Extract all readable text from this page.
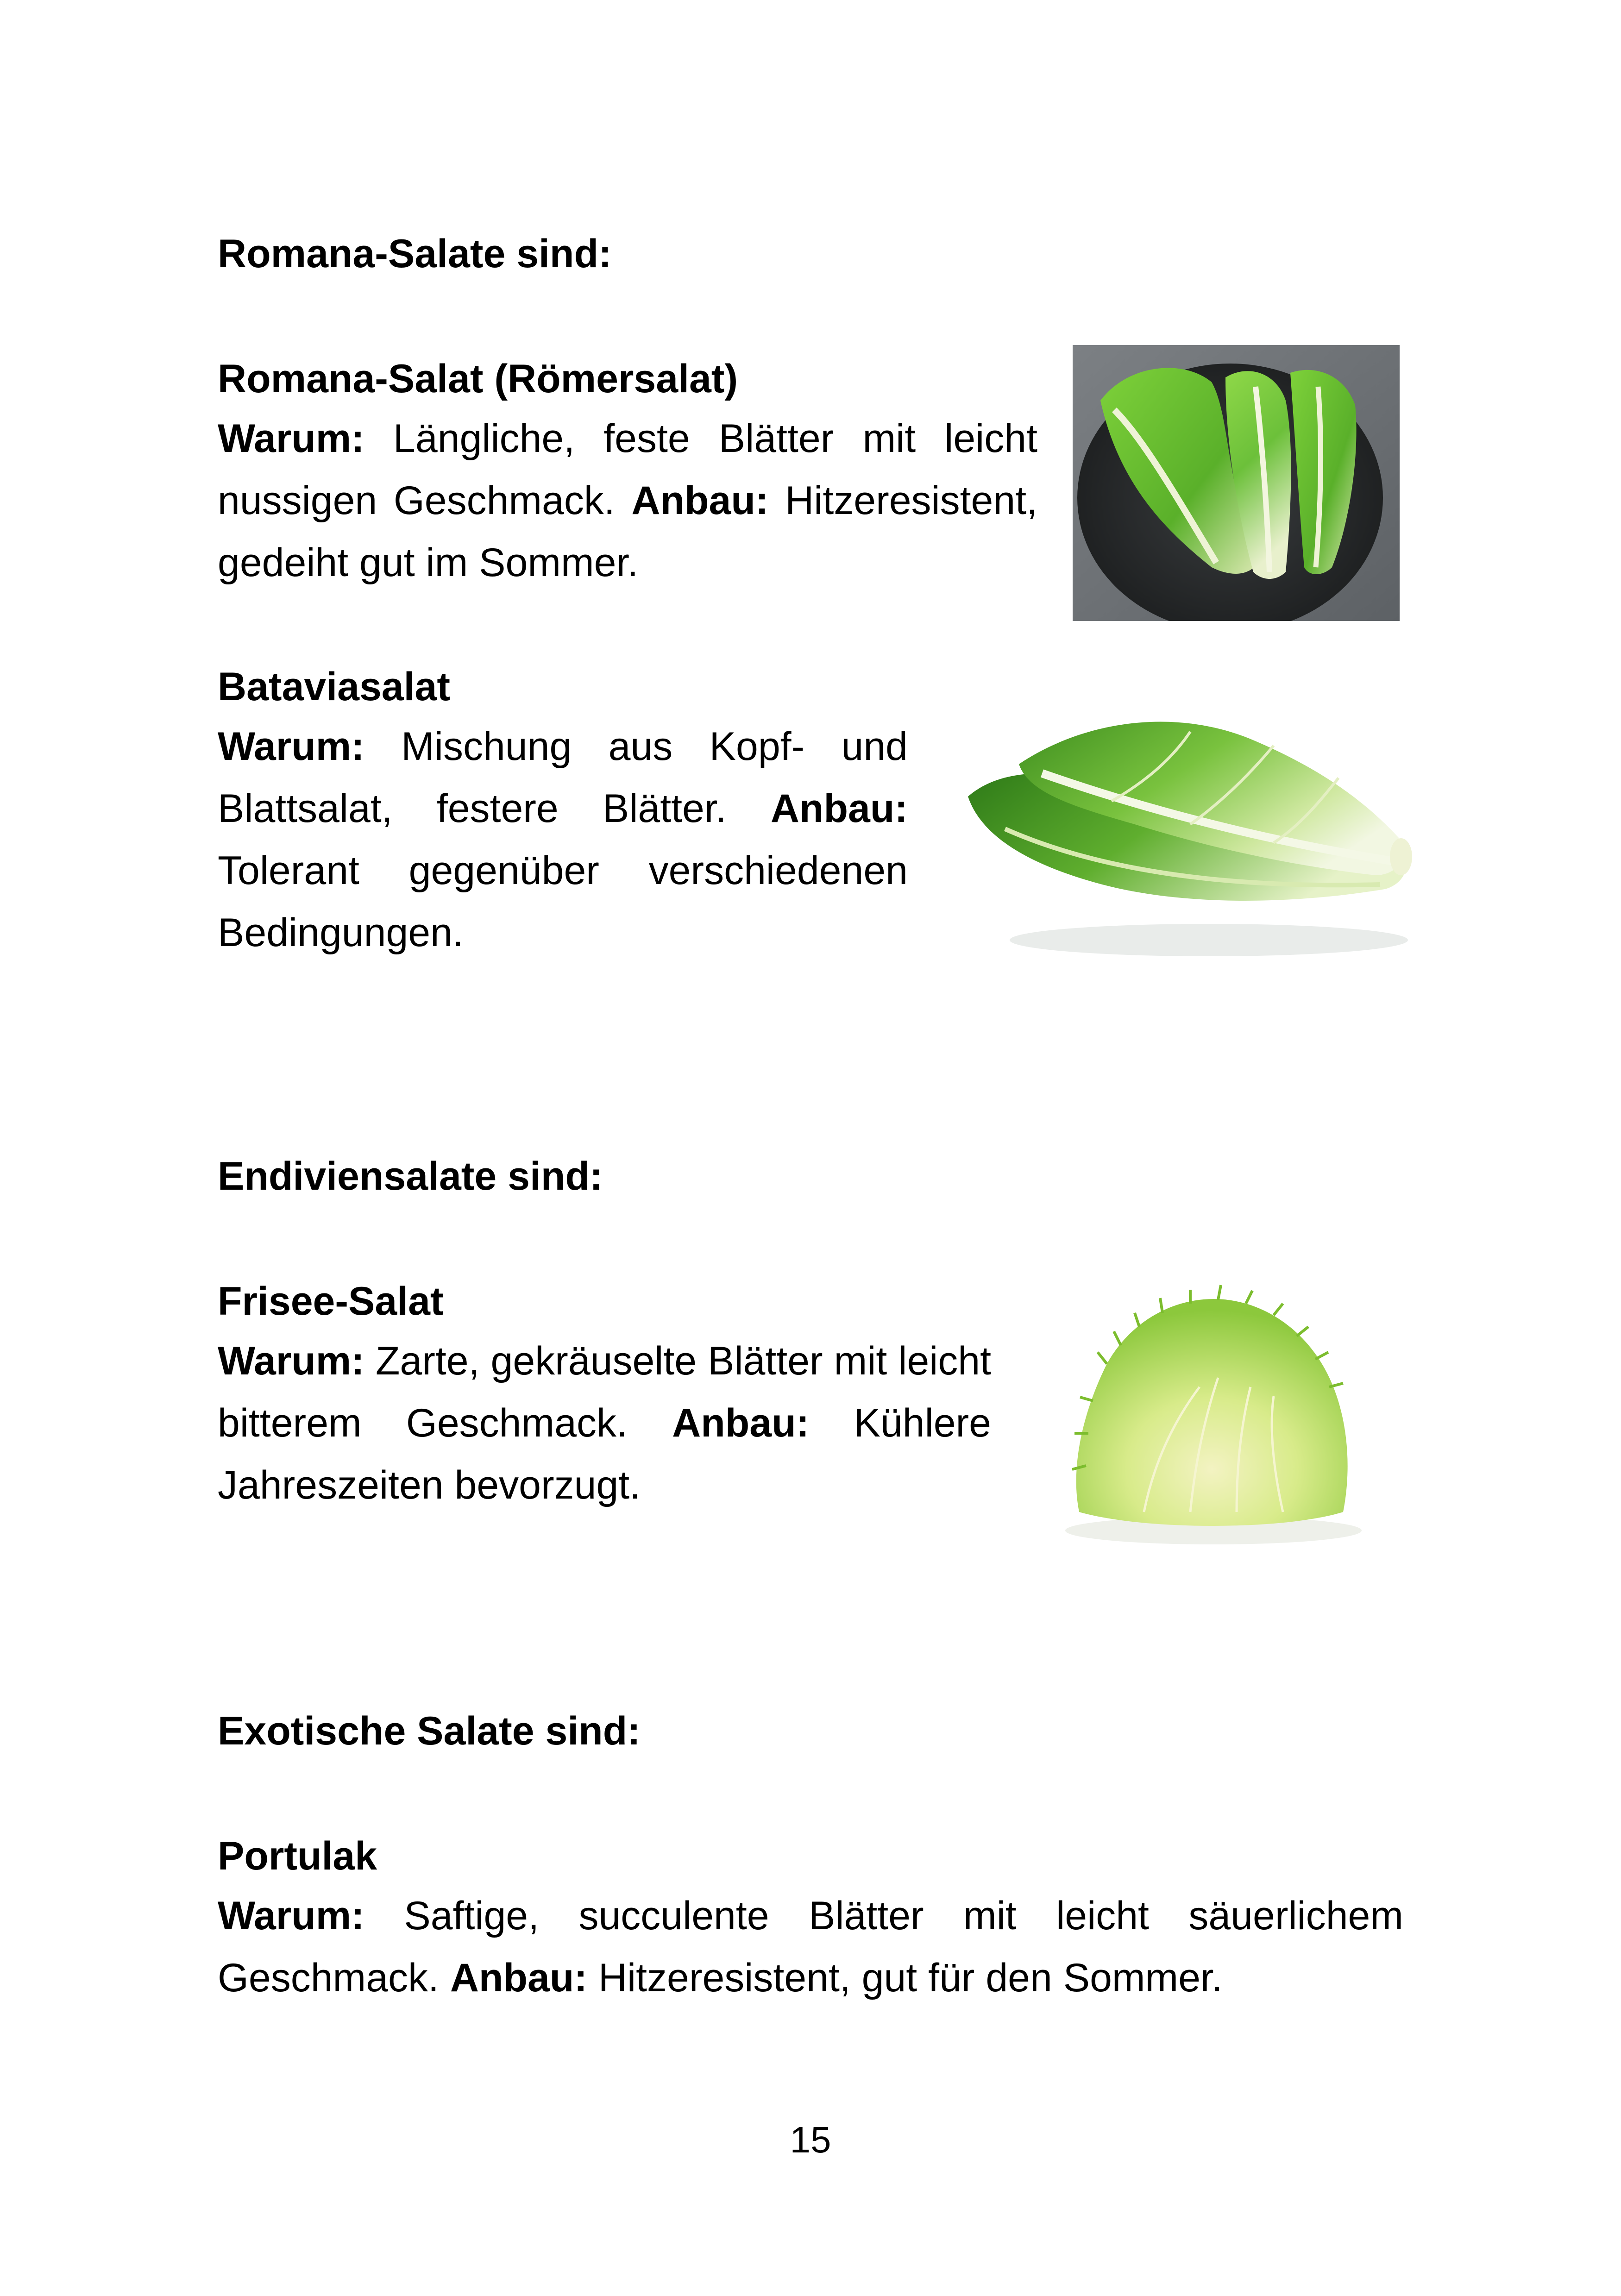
Romana-Salate sind:
Romana-Salat (Römersalat)

Warum: Längliche, feste Blätter mit leicht nussigen Geschmack. Anbau: Hitzeresistent, gedeiht gut im Sommer.

Bataviasalat

Warum: Mischung aus Kopf- und Blattsalat, festere Blätter. Anbau: Tolerant gegenüber verschiedenen Bedingungen.

Endiviensalate sind:
Frisee-Salat

Warum: Zarte, gekräuselte Blätter mit leicht bitterem Geschmack. Anbau: Kühlere Jahreszeiten bevorzugt.

Exotische Salate sind:
Portulak

Warum: Saftige, succulente Blätter mit leicht säuerlichem Geschmack. Anbau: Hitzeresistent, gut für den Sommer.

15
